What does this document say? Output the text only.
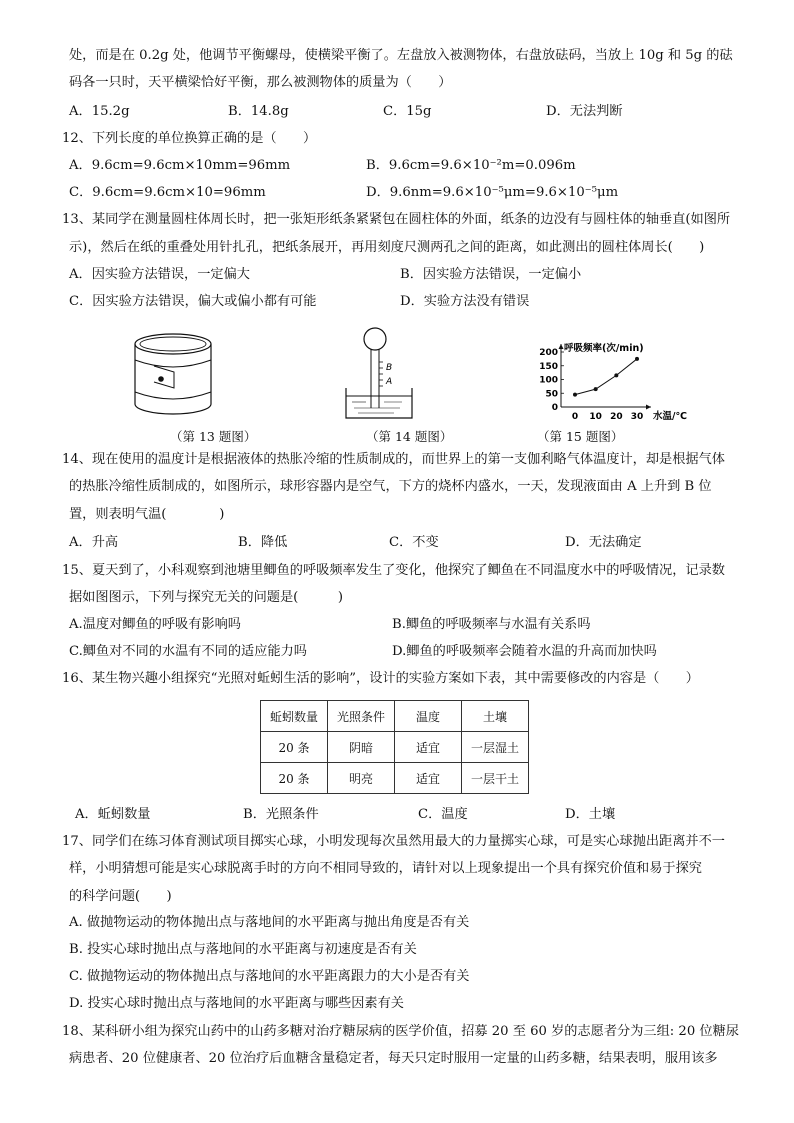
处，而是在 0.2g 处，他调节平衡螺母，使横梁平衡了。左盘放入被测物体，右盘放砝码，当放上 10g 和 5g 的砝
码各一只时，天平横梁恰好平衡，那么被测物体的质量为（　　）
A．15.2g	B．14.8g	C．15g	D．无法判断
12、下列长度的单位换算正确的是（　　）
A．9.6cm=9.6cm×10mm=96mm	B．9.6cm=9.6×10⁻²m=0.096m
C．9.6cm=9.6cm×10=96mm	D．9.6nm=9.6×10⁻⁵μm=9.6×10⁻⁵μm
13、某同学在测量圆柱体周长时，把一张矩形纸条紧紧包在圆柱体的外面，纸条的边没有与圆柱体的轴垂直(如图所
示)，然后在纸的重叠处用针扎孔，把纸条展开，再用刻度尺测两孔之间的距离，如此测出的圆柱体周长(　　)
A．因实验方法错误，一定偏大	B．因实验方法错误，一定偏小
C．因实验方法错误，偏大或偏小都有可能	D．实验方法没有错误
（第 13 题图）
B
A
（第 14 题图）
呼吸频率(次/min)
水温/℃
0
50
100
150
200
0 10 20 30
（第 15 题图）
14、现在使用的温度计是根据液体的热胀冷缩的性质制成的，而世界上的第一支伽利略气体温度计，却是根据气体
的热胀冷缩性质制成的，如图所示，球形容器内是空气，下方的烧杯内盛水，一天，发现液面由 A 上升到 B 位
置，则表明气温(　　　　)
A．升高	B．降低	C．不变	D．无法确定
15、夏天到了，小科观察到池塘里鲫鱼的呼吸频率发生了变化，他探究了鲫鱼在不同温度水中的呼吸情况，记录数
据如图图示，下列与探究无关的问题是(　　　)
A.温度对鲫鱼的呼吸有影响吗	B.鲫鱼的呼吸频率与水温有关系吗
C.鲫鱼对不同的水温有不同的适应能力吗	D.鲫鱼的呼吸频率会随着水温的升高而加快吗
16、某生物兴趣小组探究“光照对蚯蚓生活的影响”，设计的实验方案如下表，其中需要修改的内容是（　　）
蚯蚓数量	光照条件	温度	土壤
20 条	阴暗	适宜	一层湿土
20 条	明亮	适宜	一层干土
A．蚯蚓数量	B．光照条件	C．温度	D．土壤
17、同学们在练习体育测试项目掷实心球，小明发现每次虽然用最大的力量掷实心球，可是实心球抛出距离并不一
样，小明猜想可能是实心球脱离手时的方向不相同导致的，请针对以上现象提出一个具有探究价值和易于探究
的科学问题(　　)
A. 做抛物运动的物体抛出点与落地间的水平距离与抛出角度是否有关
B. 投实心球时抛出点与落地间的水平距离与初速度是否有关
C. 做抛物运动的物体抛出点与落地间的水平距离跟力的大小是否有关
D. 投实心球时抛出点与落地间的水平距离与哪些因素有关
18、某科研小组为探究山药中的山药多糖对治疗糖尿病的医学价值，招募 20 至 60 岁的志愿者分为三组: 20 位糖尿
病患者、20 位健康者、20 位治疗后血糖含量稳定者，每天只定时服用一定量的山药多糖，结果表明，服用该多
